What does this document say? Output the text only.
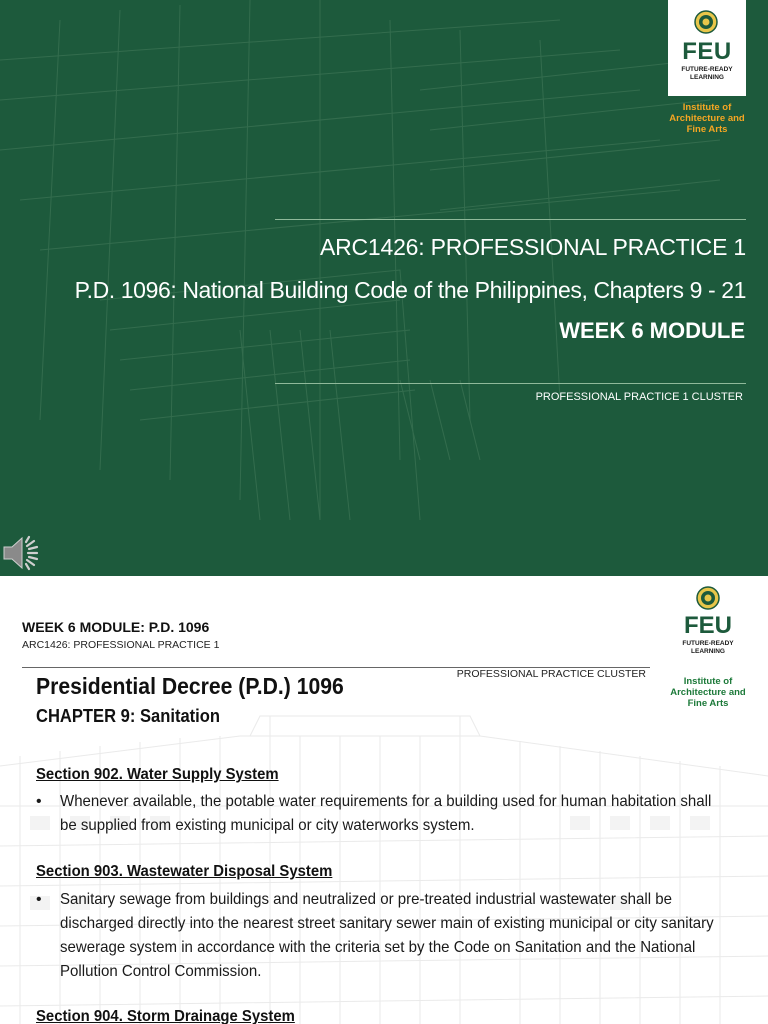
FEU
FUTURE-READY LEARNING
Institute of
Architecture and
Fine Arts
ARC1426: PROFESSIONAL PRACTICE 1
P.D. 1096: National Building Code of the Philippines, Chapters 9 - 21
WEEK 6 MODULE
PROFESSIONAL PRACTICE 1 CLUSTER
WEEK 6 MODULE: P.D. 1096
ARC1426: PROFESSIONAL PRACTICE 1
PROFESSIONAL PRACTICE CLUSTER
FEU
FUTURE-READY LEARNING
Institute of
Architecture and
Fine Arts
Presidential Decree (P.D.) 1096
CHAPTER 9: Sanitation
Section 902. Water Supply System
• Whenever available, the potable water requirements for a building used for human habitation shall be supplied from existing municipal or city waterworks system.
Section 903. Wastewater Disposal System
• Sanitary sewage from buildings and neutralized or pre-treated industrial wastewater shall be discharged directly into the nearest street sanitary sewer main of existing municipal or city sanitary sewerage system in accordance with the criteria set by the Code on Sanitation and the National Pollution Control Commission.
Section 904. Storm Drainage System
